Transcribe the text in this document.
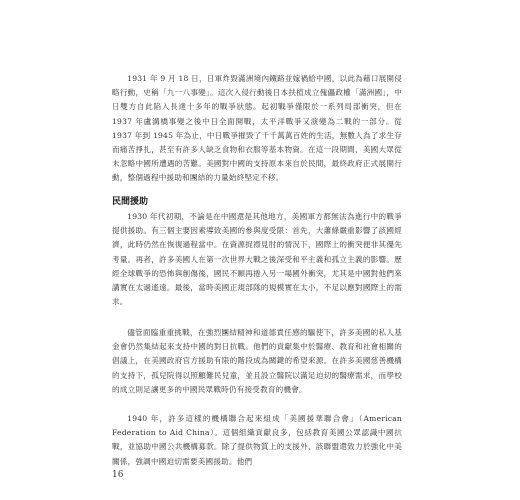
1931 年 9 月 18 日，日軍炸毀滿洲境內鐵路並嫁禍給中國，以此為藉口展開侵略行動，史稱「九一八事變」。這次入侵行動後日本扶植成立傀儡政權「滿洲國」，中日雙方自此陷入長達十多年的戰爭狀態。起初戰爭僅限於一系列局部衝突，但在 1937 年盧溝橋事變之後中日全面開戰，太平洋戰爭又演變為二戰的一部分。從 1937 年到 1945 年為止，中日戰爭摧毀了千千萬萬百姓的生活，無數人為了求生存而痛苦掙扎，甚至有許多人缺乏食物和衣服等基本物資。在這一段期間，美國大眾從未忽略中國所遭遇的苦難。美國對中國的支持原本來自於民間，最終政府正式展開行動，整個過程中援助和團結的力量始終堅定不移。

民間援助

1930 年代初期，不論是在中國還是其他地方，美國軍方都無法為進行中的戰爭提供援助。有三個主要因素導致美國的參與度受限：首先，大蕭條嚴重影響了該國經濟，此時仍然在恢復過程當中。在資源捉襟見肘的情況下，國際上的衝突便非其優先考量。再者，許多美國人在第一次世界大戰之後深受和平主義和孤立主義的影響。歷經全球戰爭的恐怖與創傷後，國民不願再捲入另一場國外衝突，尤其是中國對他們來講實在太過遙遠。最後，當時美國正規部隊的規模實在太小，不足以應對國際上的需求。

儘管面臨重重挑戰，在強烈團結精神和道德責任感的驅使下，許多美國的私人基金會仍然集結起來支持中國的對日抗戰。他們的貢獻集中於醫療、教育和社會相關的倡議上，在美國政府官方援助有限的階段成為關鍵的希望來源。在許多美國慈善機構的支持下，孤兒院得以照顧難民兒童，並且設立醫院以滿足迫切的醫療需求，而學校的成立則足讓更多的中國民眾戰時仍有接受教育的機會。

1940 年，許多這樣的機構聯合起來組成「美國援華聯合會」（American Federation to Aid China）。這個組織貢獻良多，包括教育美國公眾認識中國抗戰，並協助中國公共機構募款。除了提供物質上的支援外，該聯盟還致力於強化中美關係，強調中國迫切需要美國援助。他們

16
